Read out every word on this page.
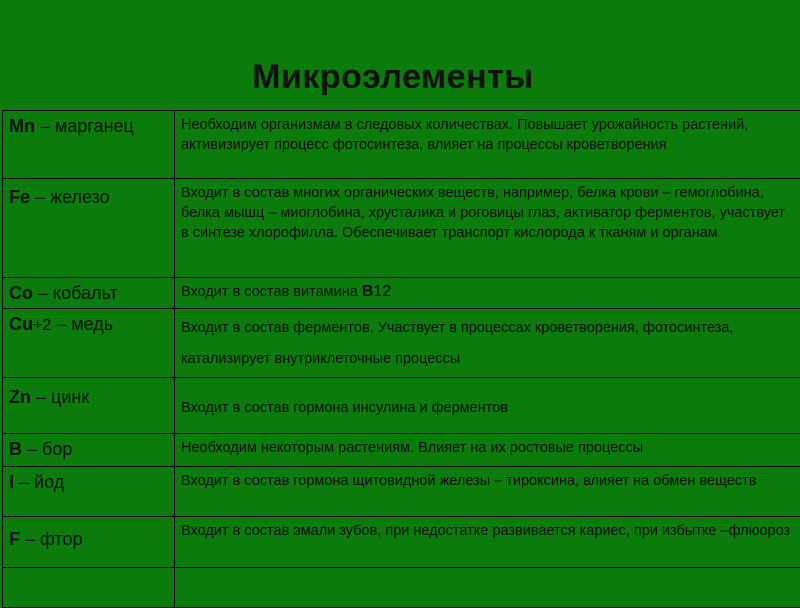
Микроэлементы
Mn – марганец	Необходим организмам в следовых количествах. Повышает урожайность растений, активизирует процесс фотосинтеза, влияет на процессы кроветворения

Fe – железо	Входит в состав многих органических веществ, например, белка крови – гемоглобина, белка мышц – миоглобина, хрусталика и роговицы глаз, активатор ферментов, участвует в синтезе хлорофилла. Обеспечивает транспорт кислорода к тканям и органам

Co – кобальт	Входит в состав витамина В12

Cu+2 – медь	Входит в состав ферментов. Участвует в процессах кроветворения, фотосинтеза, катализирует внутриклеточные процессы

Zn – цинк	Входит в состав гормона инсулина и ферментов

B – бор	Необходим некоторым растениям. Влияет на их ростовые процессы

I – йод	Входит в состав гормона щитовидной железы – тироксина, влияет на обмен веществ

F – фтор	Входит в состав эмали зубов, при недостатке развивается кариес, при избытке –флюороз
